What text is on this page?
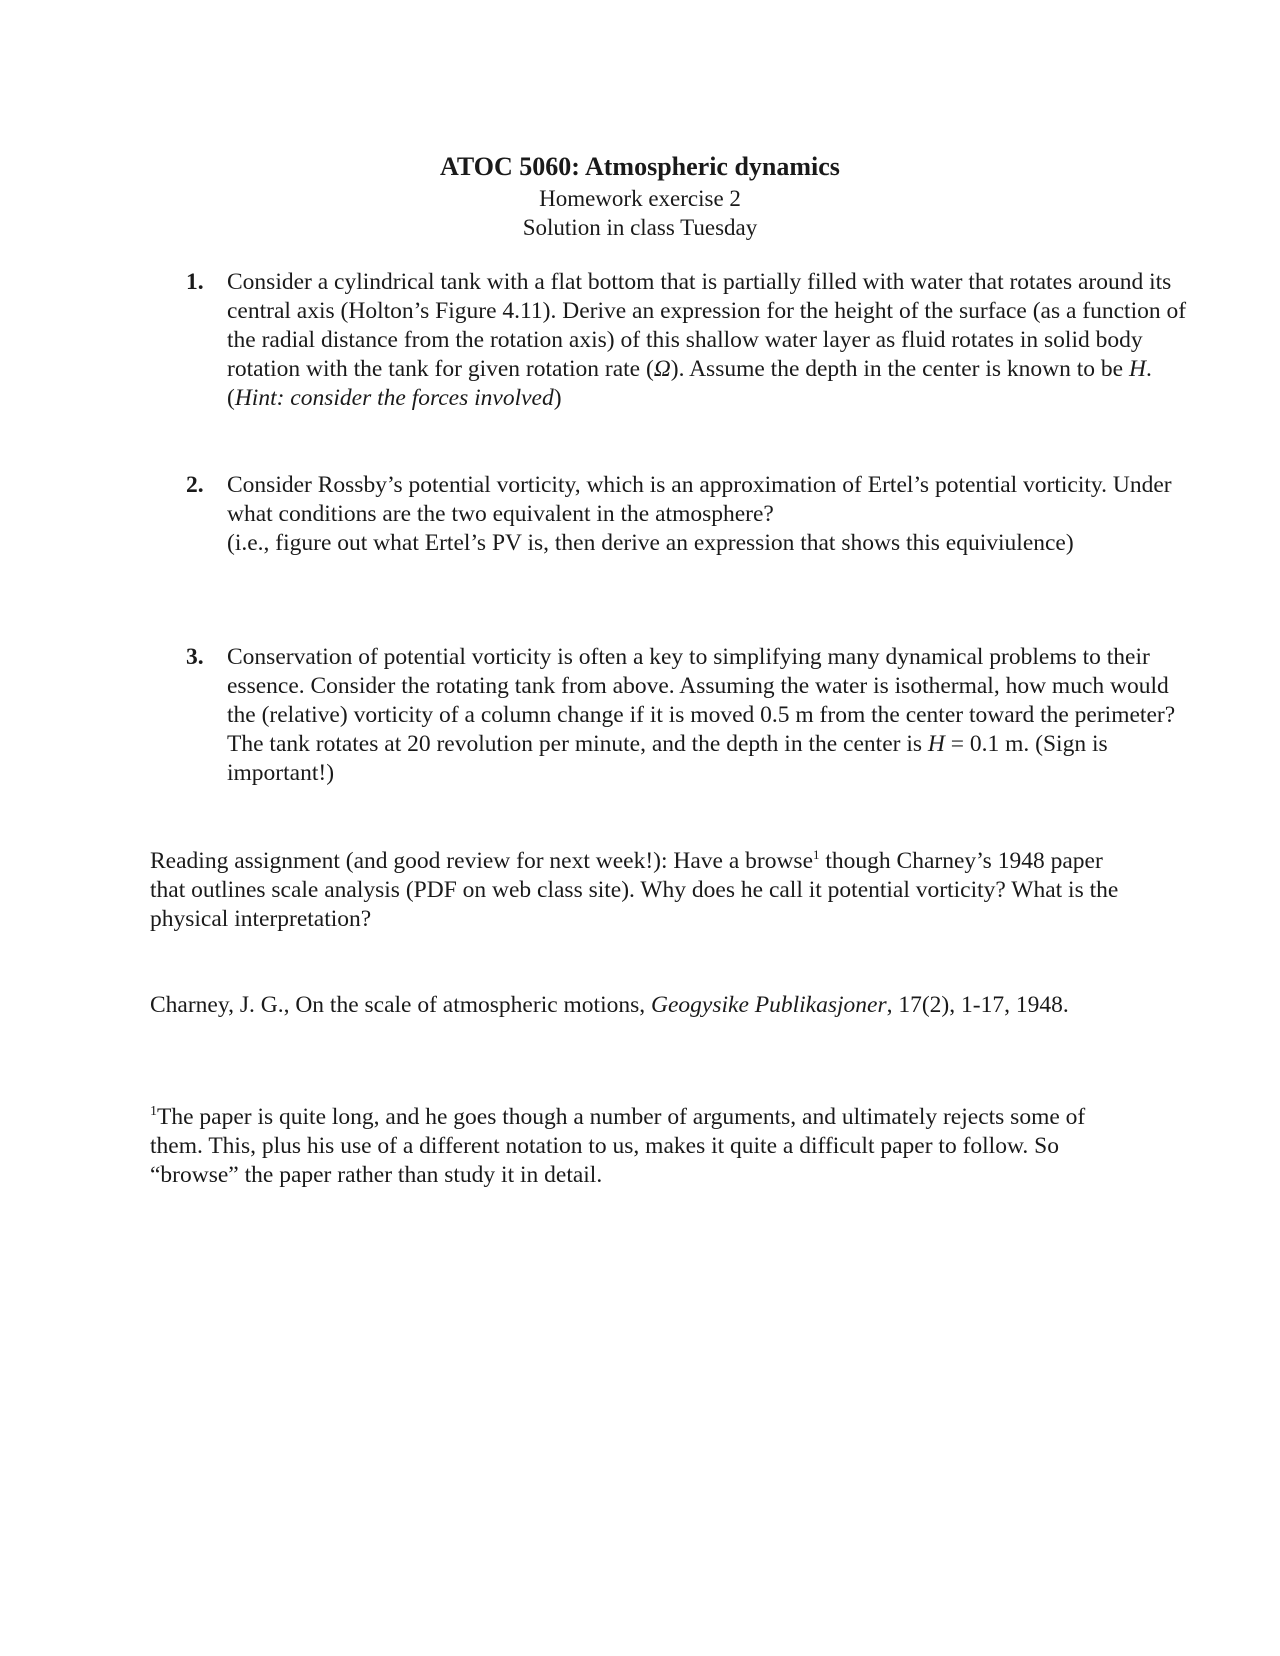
ATOC 5060: Atmospheric dynamics

Homework exercise 2

Solution in class Tuesday

1. Consider a cylindrical tank with a flat bottom that is partially filled with water that rotates around its central axis (Holton’s Figure 4.11). Derive an expression for the height of the surface (as a function of the radial distance from the rotation axis) of this shallow water layer as fluid rotates in solid body rotation with the tank for given rotation rate (Ω). Assume the depth in the center is known to be H. (Hint: consider the forces involved)
2. Consider Rossby’s potential vorticity, which is an approximation of Ertel’s potential vorticity. Under what conditions are the two equivalent in the atmosphere?
(i.e., figure out what Ertel’s PV is, then derive an expression that shows this equiviulence)
3. Conservation of potential vorticity is often a key to simplifying many dynamical problems to their essence. Consider the rotating tank from above. Assuming the water is isothermal, how much would the (relative) vorticity of a column change if it is moved 0.5 m from the center toward the perimeter? The tank rotates at 20 revolution per minute, and the depth in the center is H = 0.1 m. (Sign is important!)

Reading assignment (and good review for next week!): Have a browse$^1$ though Charney’s 1948 paper that outlines scale analysis (PDF on web class site). Why does he call it potential vorticity? What is the physical interpretation?

Charney, J. G., On the scale of atmospheric motions, Geogysike Publikasjoner, 17(2), 1-17, 1948.

$^1$The paper is quite long, and he goes though a number of arguments, and ultimately rejects some of them. This, plus his use of a different notation to us, makes it quite a difficult paper to follow. So “browse” the paper rather than study it in detail.
